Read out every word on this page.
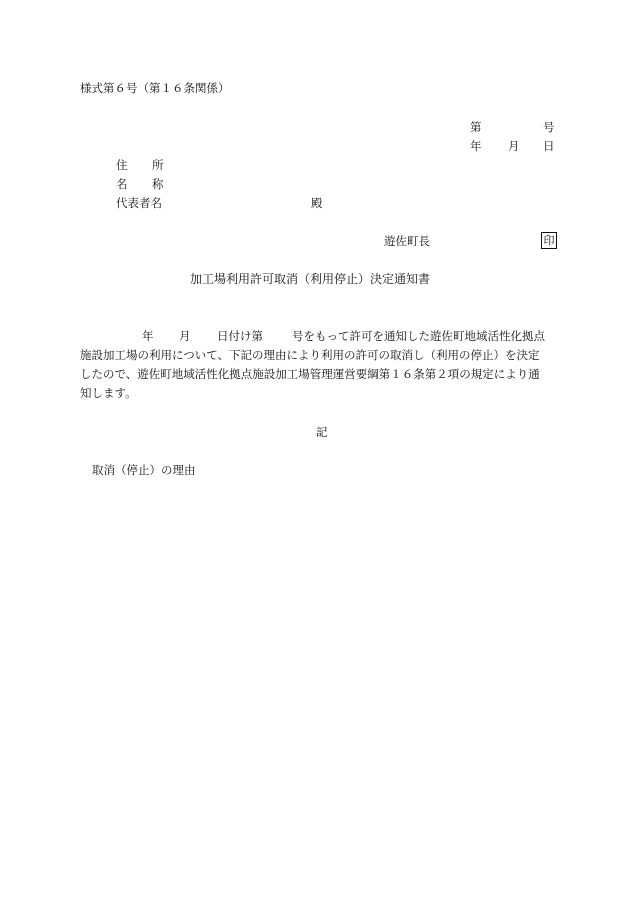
様式第６号（第１６条関係）
第	号
年 月 日
住 所
名 称
代表者名	殿
遊佐町長	印
加工場利用許可取消（利用停止）決定通知書
年 月 日付け第	号をもって許可を通知した遊佐町地域活性化拠点
施設加工場の利用について、下記の理由により利用の許可の取消し（利用の停止）を決定
したので、遊佐町地域活性化拠点施設加工場管理運営要綱第１６条第２項の規定により通
知します。
記
取消（停止）の理由
